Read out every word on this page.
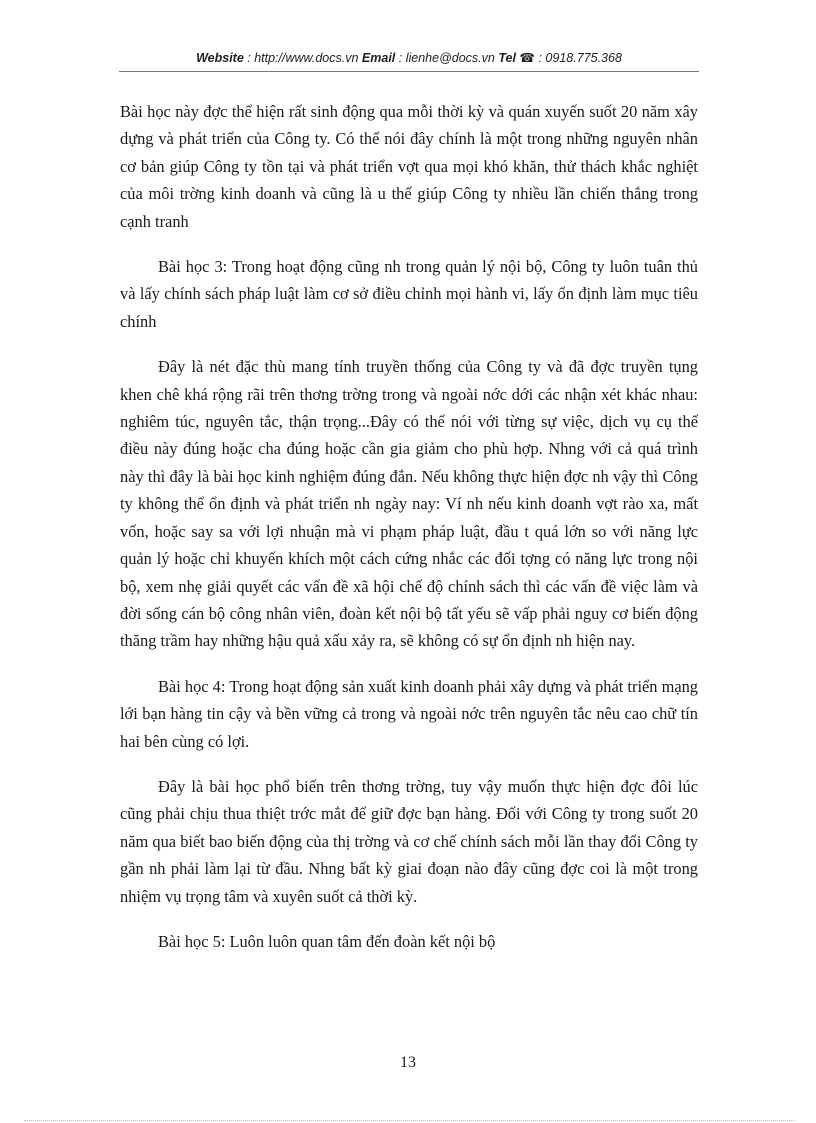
Website : http://www.docs.vn Email : lienhe@docs.vn Tel ☎ : 0918.775.368

Bài học này đợc thể hiện rất sinh động qua mỗi thời kỳ và quán xuyến suốt 20 năm xây dựng và phát triển của Công ty. Có thể nói đây chính là một trong những nguyên nhân cơ bản giúp Công ty tồn tại và phát triển vợt qua mọi khó khăn, thử thách khắc nghiệt của môi trờng kinh doanh và cũng là u thế giúp Công ty nhiều lần chiến thắng trong cạnh tranh

Bài học 3: Trong hoạt động cũng nh trong quản lý nội bộ, Công ty luôn tuân thủ và lấy chính sách pháp luật làm cơ sở điều chỉnh mọi hành vi, lấy ổn định làm mục tiêu chính

Đây là nét đặc thù mang tính truyền thống của Công ty và đã đợc truyền tụng khen chê khá rộng rãi trên thơng trờng trong và ngoài nớc dới các nhận xét khác nhau: nghiêm túc, nguyên tắc, thận trọng...Đây có thể nói với từng sự việc, dịch vụ cụ thể điều này đúng hoặc cha đúng hoặc cần gia giảm cho phù hợp. Nhng với cả quá trình này thì đây là bài học kinh nghiệm đúng đắn. Nếu không thực hiện đợc nh vậy thì Công ty không thể ổn định và phát triển nh ngày nay: Ví nh nếu kinh doanh vợt rào xa, mất vốn, hoặc say sa với lợi nhuận mà vi phạm pháp luật, đầu t quá lớn so với năng lực quản lý hoặc chỉ khuyến khích một cách cứng nhắc các đối tợng có năng lực trong nội bộ, xem nhẹ giải quyết các vấn đề xã hội chế độ chính sách thì các vấn đề việc làm và đời sống cán bộ công nhân viên, đoàn kết nội bộ tất yếu sẽ vấp phải nguy cơ biến động thăng trầm hay những hậu quả xấu xảy ra, sẽ không có sự ổn định nh hiện nay.

Bài học 4: Trong hoạt động sản xuất kinh doanh phải xây dựng và phát triển mạng lới bạn hàng tin cậy và bền vững cả trong và ngoài nớc trên nguyên tắc nêu cao chữ tín hai bên cùng có lợi.

Đây là bài học phổ biến trên thơng trờng, tuy vậy muốn thực hiện đợc đôi lúc cũng phải chịu thua thiệt trớc mắt để giữ đợc bạn hàng. Đối với Công ty trong suốt 20 năm qua biết bao biến động của thị trờng và cơ chế chính sách mỗi lần thay đổi Công ty gần nh phải làm lại từ đầu. Nhng bất kỳ giai đoạn nào đây cũng đợc coi là một trong nhiệm vụ trọng tâm và xuyên suốt cả thời kỳ.

Bài học 5: Luôn luôn quan tâm đến đoàn kết nội bộ

13
